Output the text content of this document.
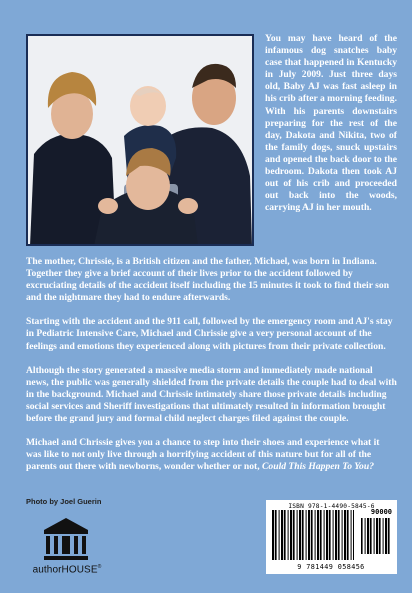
You may have heard of the infamous dog snatches baby case that happened in Kentucky in July 2009. Just three days old, Baby AJ was fast asleep in his crib after a morning feeding. With his parents downstairs preparing for the rest of the day, Dakota and Nikita, two of the family dogs, snuck upstairs and opened the back door to the bedroom. Dakota then took AJ out of his crib and proceeded out back into the woods, carrying AJ in her mouth.

The mother, Chrissie, is a British citizen and the father, Michael, was born in Indiana. Together they give a brief account of their lives prior to the accident followed by excruciating details of the accident itself including the 15 minutes it took to find their son and the nightmare they had to endure afterwards.

Starting with the accident and the 911 call, followed by the emergency room and AJ's stay in Pediatric Intensive Care, Michael and Chrissie give a very personal account of the feelings and emotions they experienced along with pictures from their private collection.

Although the story generated a massive media storm and immediately made national news, the public was generally shielded from the private details the couple had to deal with in the background. Michael and Chrissie intimately share those private details including social services and Sheriff investigations that ultimately resulted in information brought before the grand jury and formal child neglect charges filed against the couple.

Michael and Chrissie gives you a chance to step into their shoes and experience what it was like to not only live through a horrifying accident of this nature but for all of the parents out there with newborns, wonder whether or not, Could This Happen To You?

Photo by Joel Guerin
authorHOUSE®
ISBN 978-1-4490-5845-6
90000
9 781449 058456
